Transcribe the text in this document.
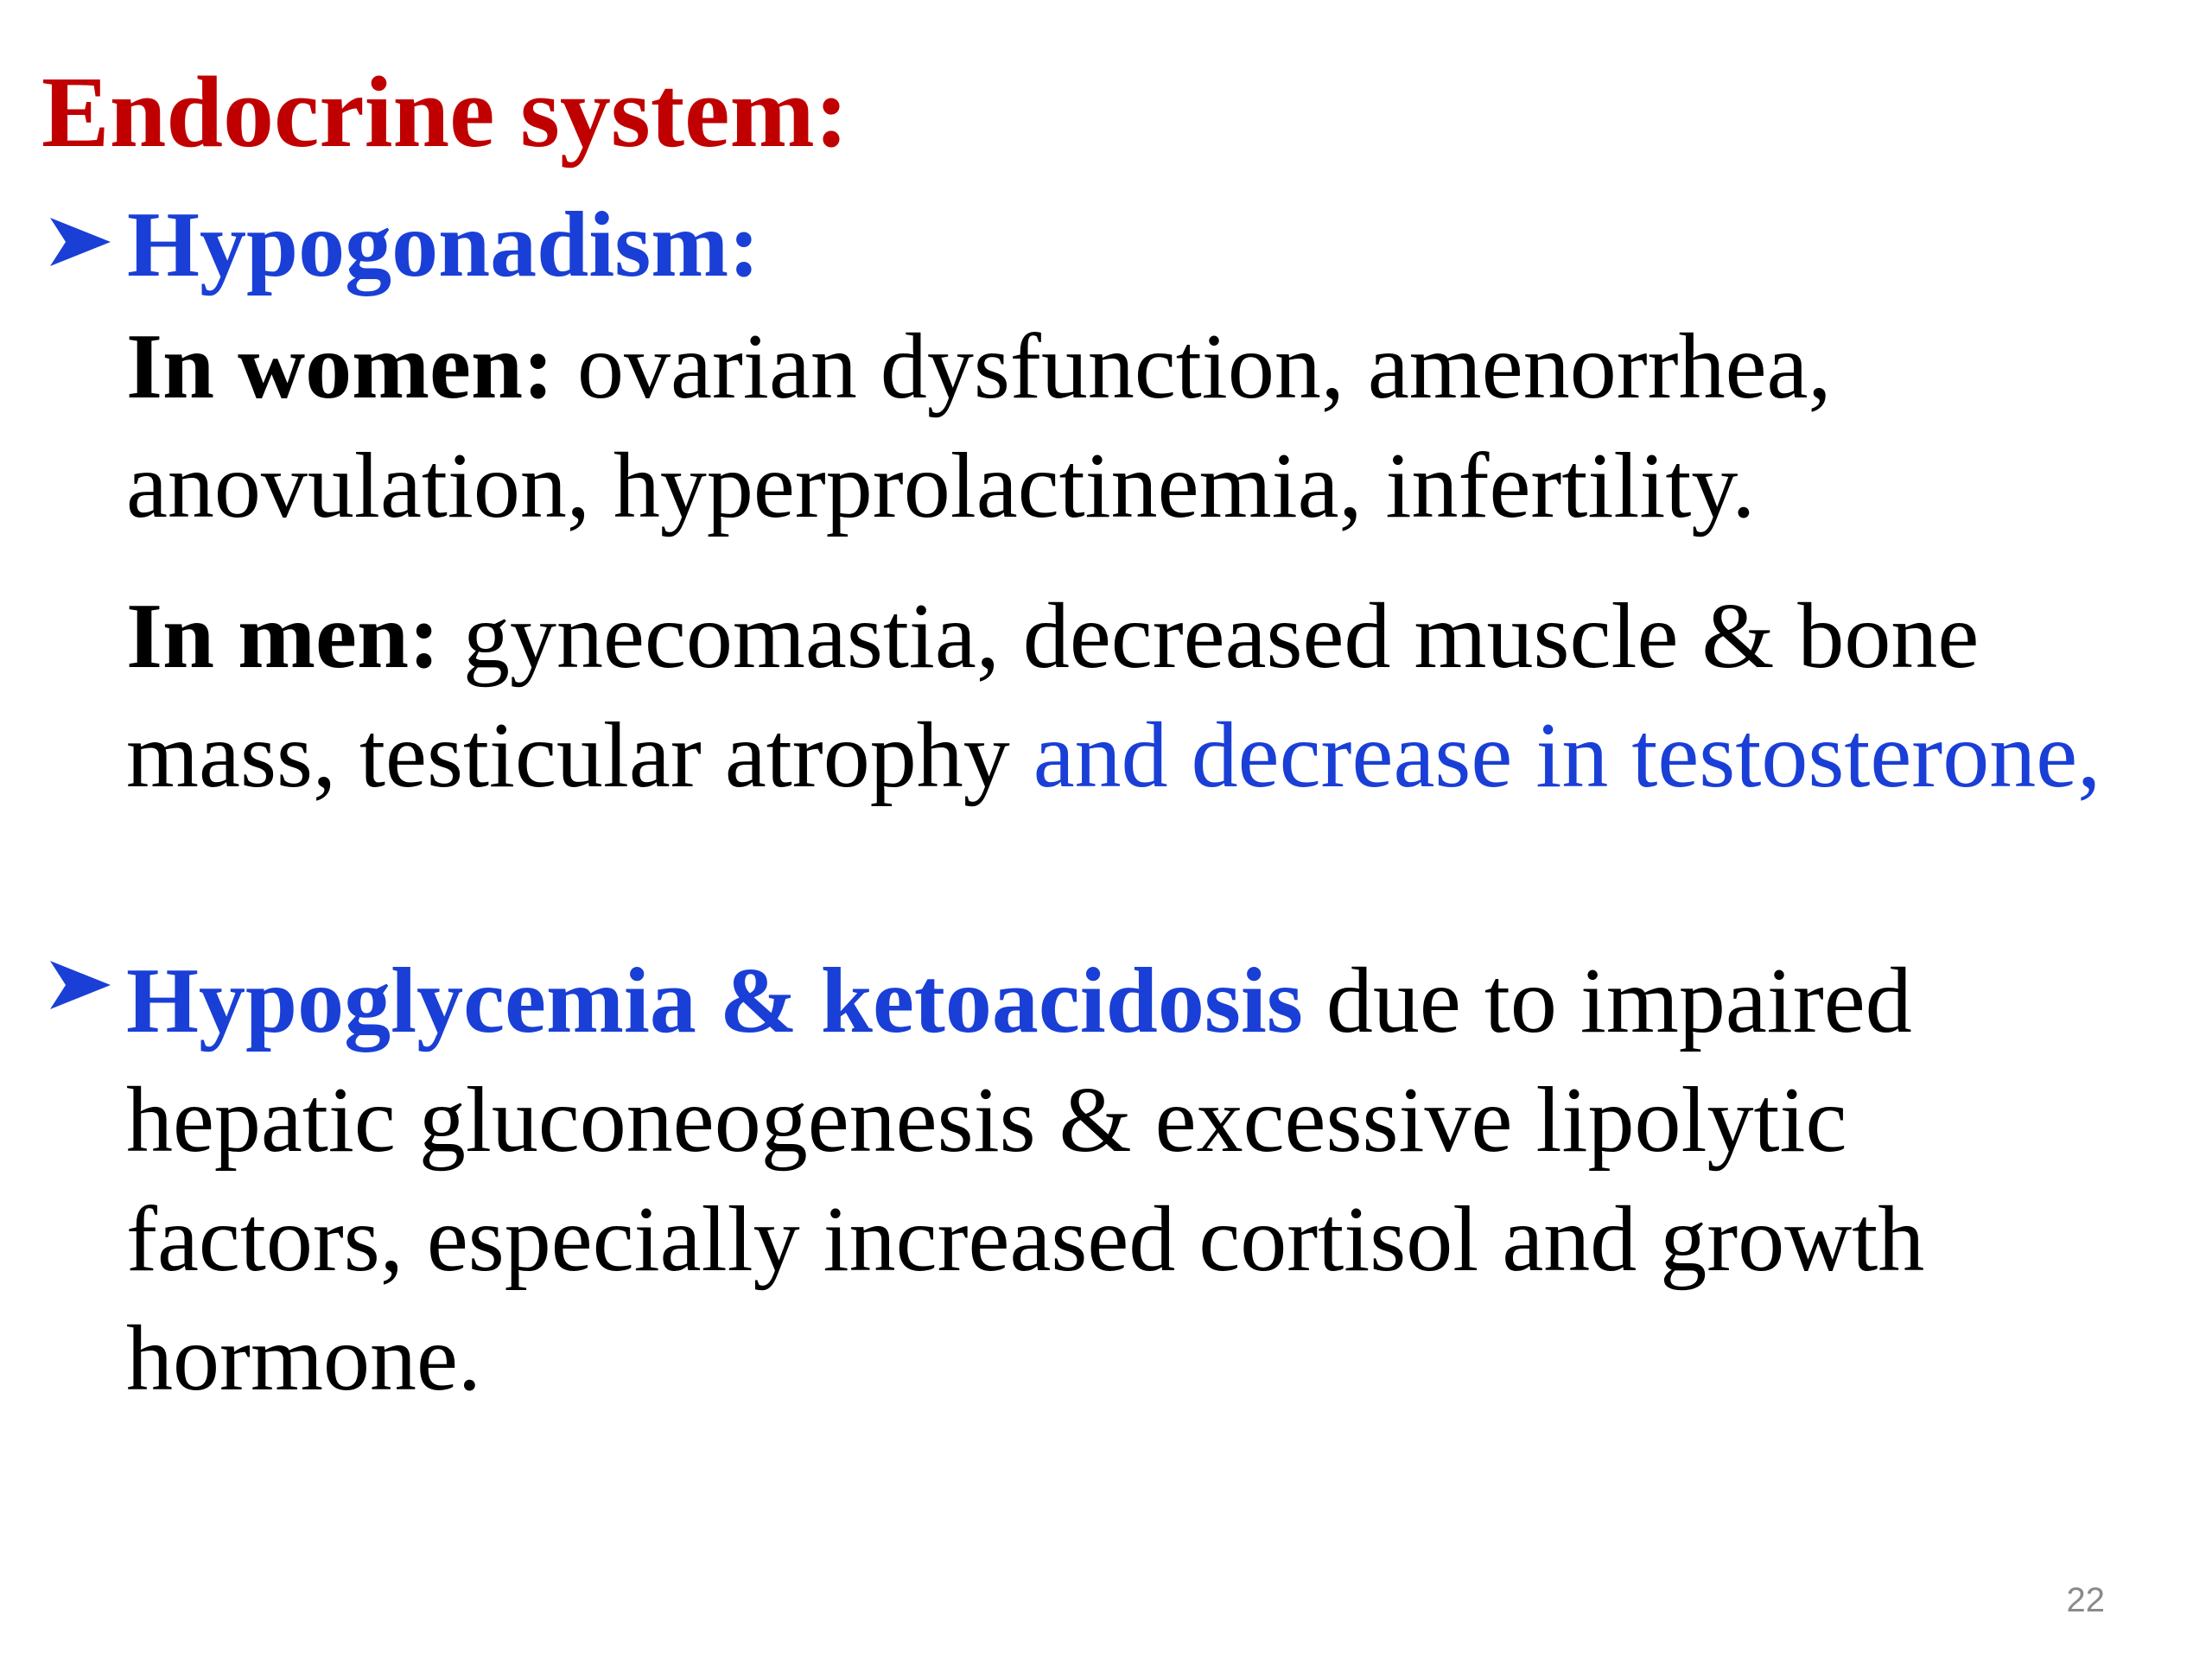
Endocrine system:
Hypogonadism:

In women: ovarian dysfunction, amenorrhea,
anovulation, hyperprolactinemia, infertility.

In men: gynecomastia, decreased muscle & bone
mass, testicular atrophy and decrease in testosterone,

Hypoglycemia & ketoacidosis due to impaired
hepatic gluconeogenesis & excessive lipolytic
factors, especially increased cortisol and growth
hormone.

22
